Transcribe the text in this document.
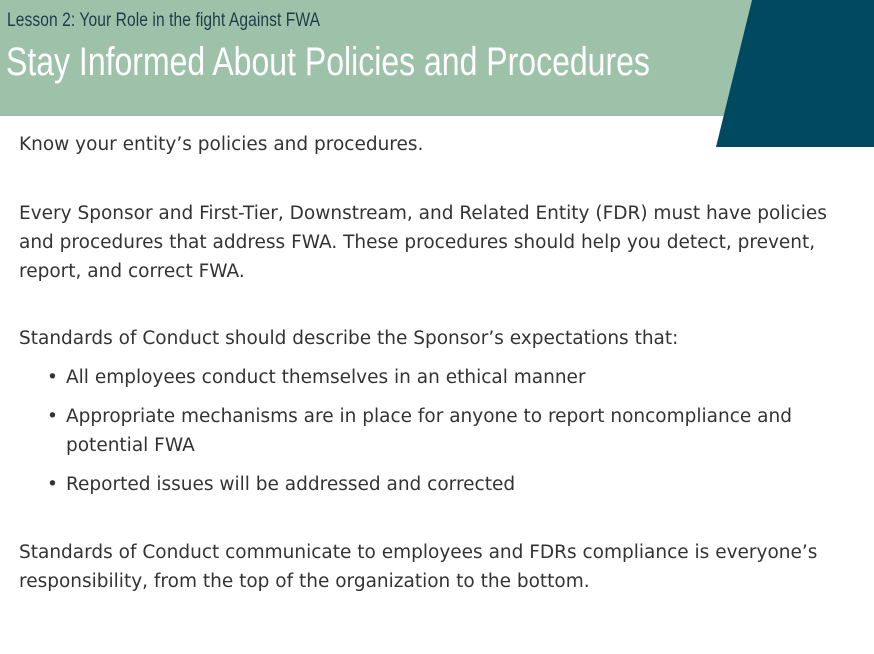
Lesson 2: Your Role in the fight Against FWA
Stay Informed About Policies and Procedures

Know your entity’s policies and procedures.

Every Sponsor and First-Tier, Downstream, and Related Entity (FDR) must have policies and procedures that address FWA. These procedures should help you detect, prevent, report, and correct FWA.

Standards of Conduct should describe the Sponsor’s expectations that:

• All employees conduct themselves in an ethical manner
• Appropriate mechanisms are in place for anyone to report noncompliance and potential FWA
• Reported issues will be addressed and corrected

Standards of Conduct communicate to employees and FDRs compliance is everyone’s responsibility, from the top of the organization to the bottom.
